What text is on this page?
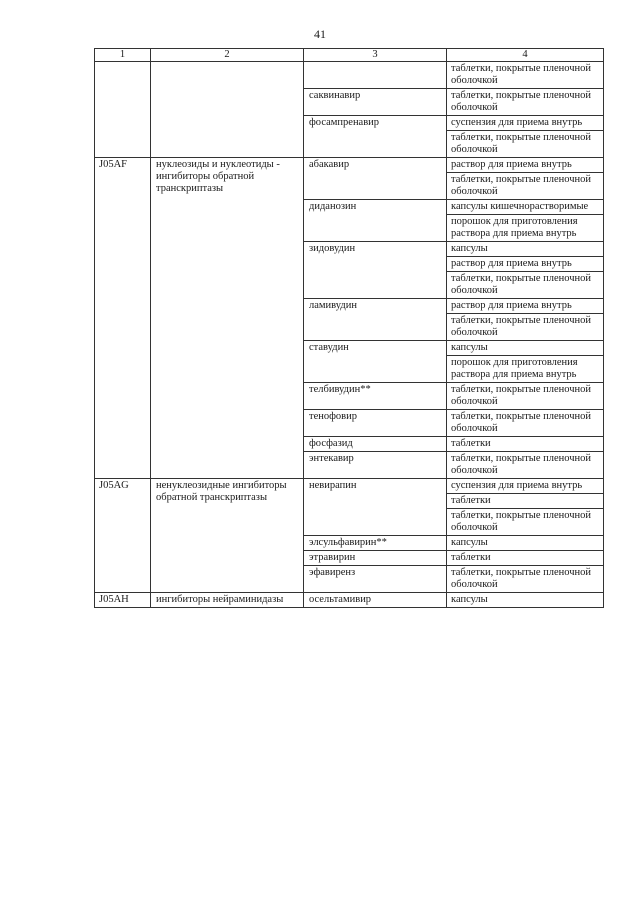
41
1	2	3	4
			таблетки, покрытые пленочной оболочкой
		саквинавир	таблетки, покрытые пленочной оболочкой
		фосампренавир	суспензия для приема внутрь
			таблетки, покрытые пленочной оболочкой
J05AF	нуклеозиды и нуклеотиды - ингибиторы обратной транскриптазы	абакавир	раствор для приема внутрь
			таблетки, покрытые пленочной оболочкой
		диданозин	капсулы кишечнорастворимые
			порошок для приготовления раствора для приема внутрь
		зидовудин	капсулы
			раствор для приема внутрь
			таблетки, покрытые пленочной оболочкой
		ламивудин	раствор для приема внутрь
			таблетки, покрытые пленочной оболочкой
		ставудин	капсулы
			порошок для приготовления раствора для приема внутрь
		телбивудин**	таблетки, покрытые пленочной оболочкой
		тенофовир	таблетки, покрытые пленочной оболочкой
		фосфазид	таблетки
		энтекавир	таблетки, покрытые пленочной оболочкой
J05AG	ненуклеозидные ингибиторы обратной транскриптазы	невирапин	суспензия для приема внутрь
			таблетки
			таблетки, покрытые пленочной оболочкой
		элсульфавирин**	капсулы
		этравирин	таблетки
		эфавиренз	таблетки, покрытые пленочной оболочкой
J05AH	ингибиторы нейраминидазы	осельтамивир	капсулы
